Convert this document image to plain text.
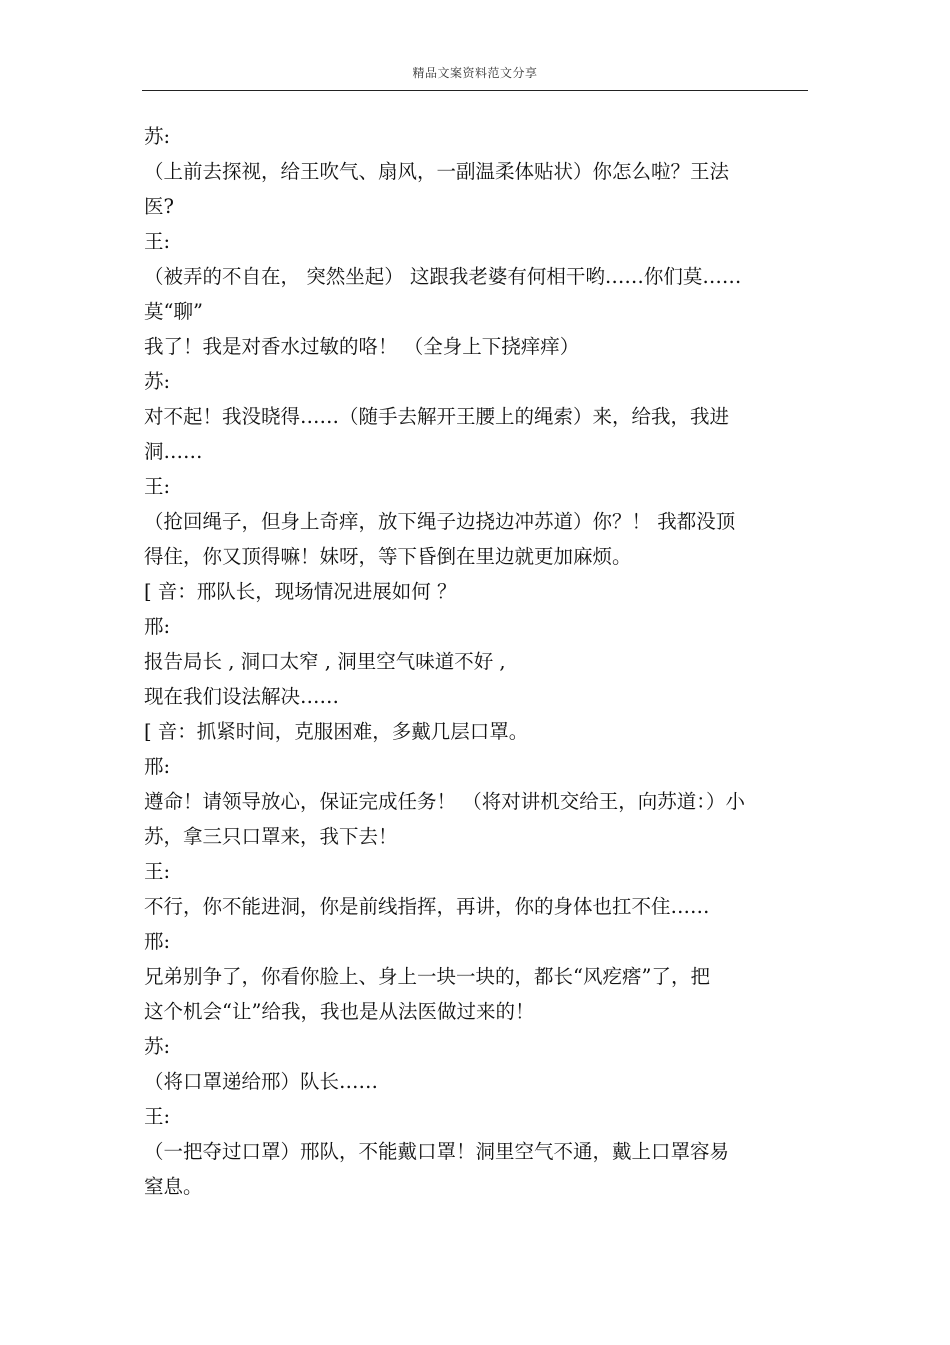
精品文案资料范文分享
苏:
（上前去探视，给王吹气、扇风，一副温柔体贴状）你怎么啦？王法
医?
王:
（被弄的不自在， 突然坐起） 这跟我老婆有何相干哟……你们莫……
莫“聊”
我了！我是对香水过敏的咯！ （全身上下挠痒痒）
苏:
对不起！我没晓得……（随手去解开王腰上的绳索）来，给我，我进
洞……
王:
（抢回绳子，但身上奇痒，放下绳子边挠边冲苏道）你？！ 我都没顶
得住，你又顶得嘛！妹呀，等下昏倒在里边就更加麻烦。
[ 音：邢队长，现场情况进展如何 ？
邢:
报告局长 , 洞口太窄 , 洞里空气味道不好 ,
现在我们设法解决……
[ 音：抓紧时间，克服困难，多戴几层口罩。
邢:
遵命！请领导放心，保证完成任务！ （将对讲机交给王，向苏道：）小
苏，拿三只口罩来，我下去！
王:
不行，你不能进洞，你是前线指挥，再讲，你的身体也扛不住……
邢:
兄弟别争了，你看你脸上、身上一块一块的，都长“风疙瘩”了，把
这个机会“让”给我，我也是从法医做过来的！
苏:
（将口罩递给邢）队长……
王:
（一把夺过口罩）邢队，不能戴口罩！洞里空气不通，戴上口罩容易
窒息。
